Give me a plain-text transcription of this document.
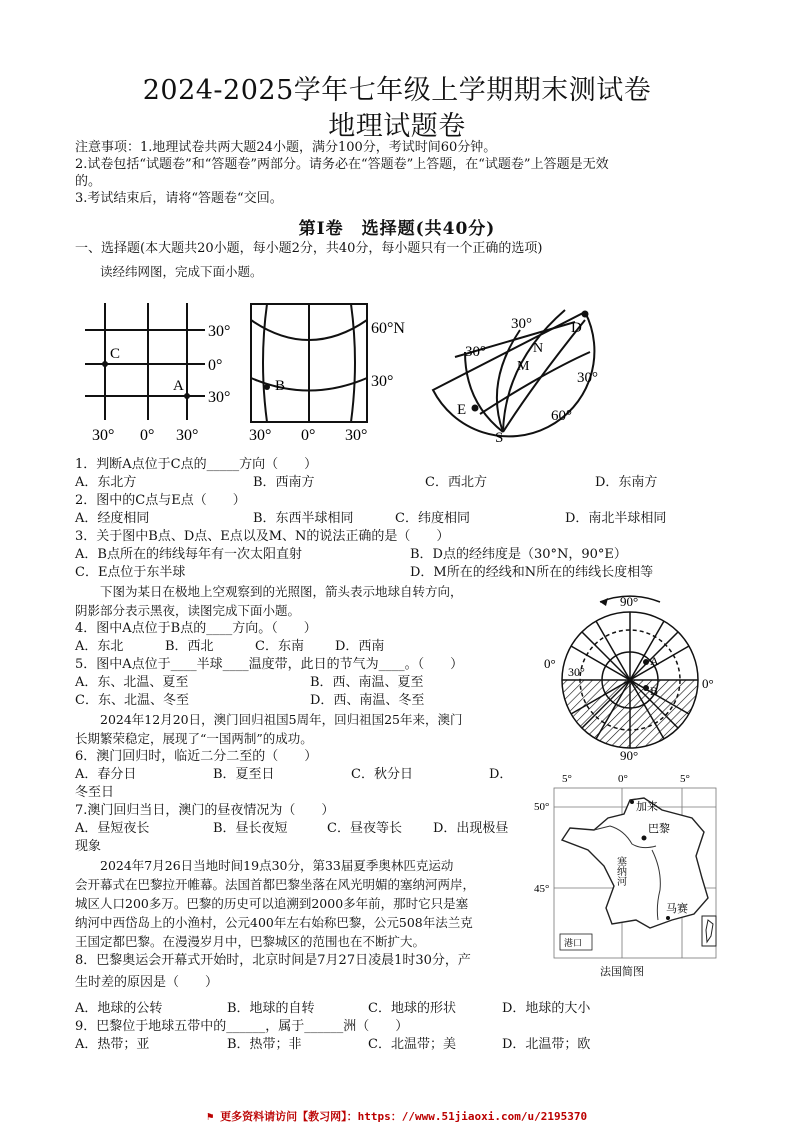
2024-2025学年七年级上学期期末测试卷
地理试题卷
注意事项：1.地理试卷共两大题24小题，满分100分，考试时间60分钟。
2.试卷包括“试题卷”和“答题卷”两部分。请务必在“答题卷”上答题，在“试题卷”上答题是无效
的。
3.考试结束后，请将“答题卷“交回。
第Ⅰ卷　选择题(共40分)
一、选择题(本大题共20小题，每小题2分，共40分，每小题只有一个正确的选项)
读经纬网图，完成下面小题。
30°
0°
30°
C
A
30° 0° 30°
B
60°N
30°
30° 0° 30°
30°	D
30°	N
M
30°
E	60°
S
1．判断A点位于C点的_____方向（　　）
A．东北方	B．西南方	C．西北方	D．东南方
2．图中的C点与E点（　　）
A．经度相同	B．东西半球相同	C．纬度相同	D．南北半球相同
3．关于图中B点、D点、E点以及M、N的说法正确的是（　　）
A．B点所在的纬线每年有一次太阳直射	B．D点的经纬度是（30°N，90°E）
C．E点位于东半球	D．M所在的经线和N所在的纬线长度相等
下图为某日在极地上空观察到的光照图，箭头表示地球自转方向，
阴影部分表示黑夜，读图完成下面小题。
4．图中A点位于B点的____方向。（　　）
A．东北	B．西北	C．东南 D．西南
5．图中A点位于____半球____温度带，此日的节气为____。（　　）
A．东、北温、夏至	B．西、南温、夏至
C．东、北温、冬至	D．西、南温、冬至
2024年12月20日，澳门回归祖国5周年，回归祖国25年来，澳门
长期繁荣稳定，展现了“一国两制”的成功。
6．澳门回归时，临近二分二至的（　　）
A．春分日	B．夏至日	C．秋分日	D．
冬至日
7.澳门回归当日，澳门的昼夜情况为（　　）
A．昼短夜长	B．昼长夜短	C．昼夜等长 D．出现极昼
现象
2024年7月26日当地时间19点30分，第33届夏季奥林匹克运动
会开幕式在巴黎拉开帷幕。法国首都巴黎坐落在风光明媚的塞纳河两岸，
城区人口200多万。巴黎的历史可以追溯到2000多年前，那时它只是塞
纳河中西岱岛上的小渔村，公元400年左右始称巴黎，公元508年法兰克
王国定都巴黎。在漫漫岁月中，巴黎城区的范围也在不断扩大。
8．巴黎奥运会开幕式开始时，北京时间是7月27日凌晨1时30分，产
生时差的原因是（　　）
A．地球的公转	B．地球的自转	C．地球的形状	D．地球的大小
9．巴黎位于地球五带中的______，属于______洲（　　）
A．热带；亚	B．热带；非	C．北温带；美	D．北温带；欧
A
B
90°
90°
0°
0°
30°
5°	0°	5°
50°
45°
加来
巴黎
塞纳河
马赛
港口
法国简图
⚑ 更多资料请访问【教习网】：https：//www.51jiaoxi.com/u/2195370
